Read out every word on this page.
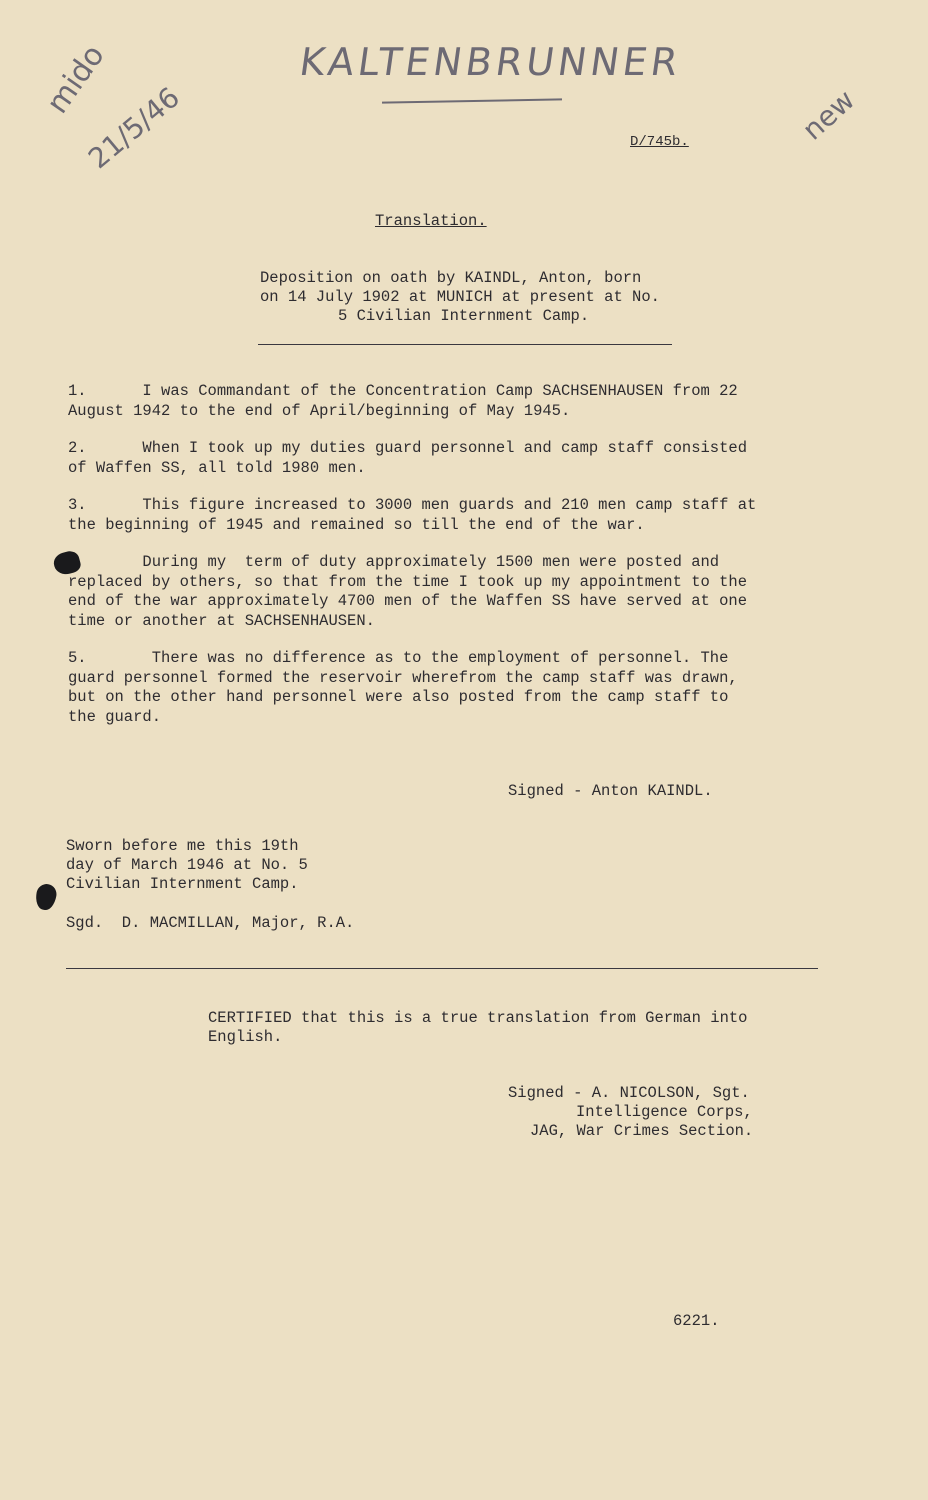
KALTENBRUNNER
mido
21/5/46	new
D/745b.
Translation.
Deposition on oath by KAINDL, Anton, born
on 14 July 1902 at MUNICH at present at No.
5 Civilian Internment Camp.
1.      I was Commandant of the Concentration Camp SACHSENHAUSEN from 22
August 1942 to the end of April/beginning of May 1945.
2.      When I took up my duties guard personnel and camp staff consisted
of Waffen SS, all told 1980 men.
3.      This figure increased to 3000 men guards and 210 men camp staff at
the beginning of 1945 and remained so till the end of the war.
During my  term of duty approximately 1500 men were posted and
replaced by others, so that from the time I took up my appointment to the
end of the war approximately 4700 men of the Waffen SS have served at one
time or another at SACHSENHAUSEN.
5.       There was no difference as to the employment of personnel. The
guard personnel formed the reservoir wherefrom the camp staff was drawn,
but on the other hand personnel were also posted from the camp staff to
the guard.
Signed - Anton KAINDL.
Sworn before me this 19th
day of March 1946 at No. 5
Civilian Internment Camp.
Sgd.  D. MACMILLAN, Major, R.A.
CERTIFIED that this is a true translation from German into
English.
Signed - A. NICOLSON, Sgt.
Intelligence Corps,
JAG, War Crimes Section.
6221.
